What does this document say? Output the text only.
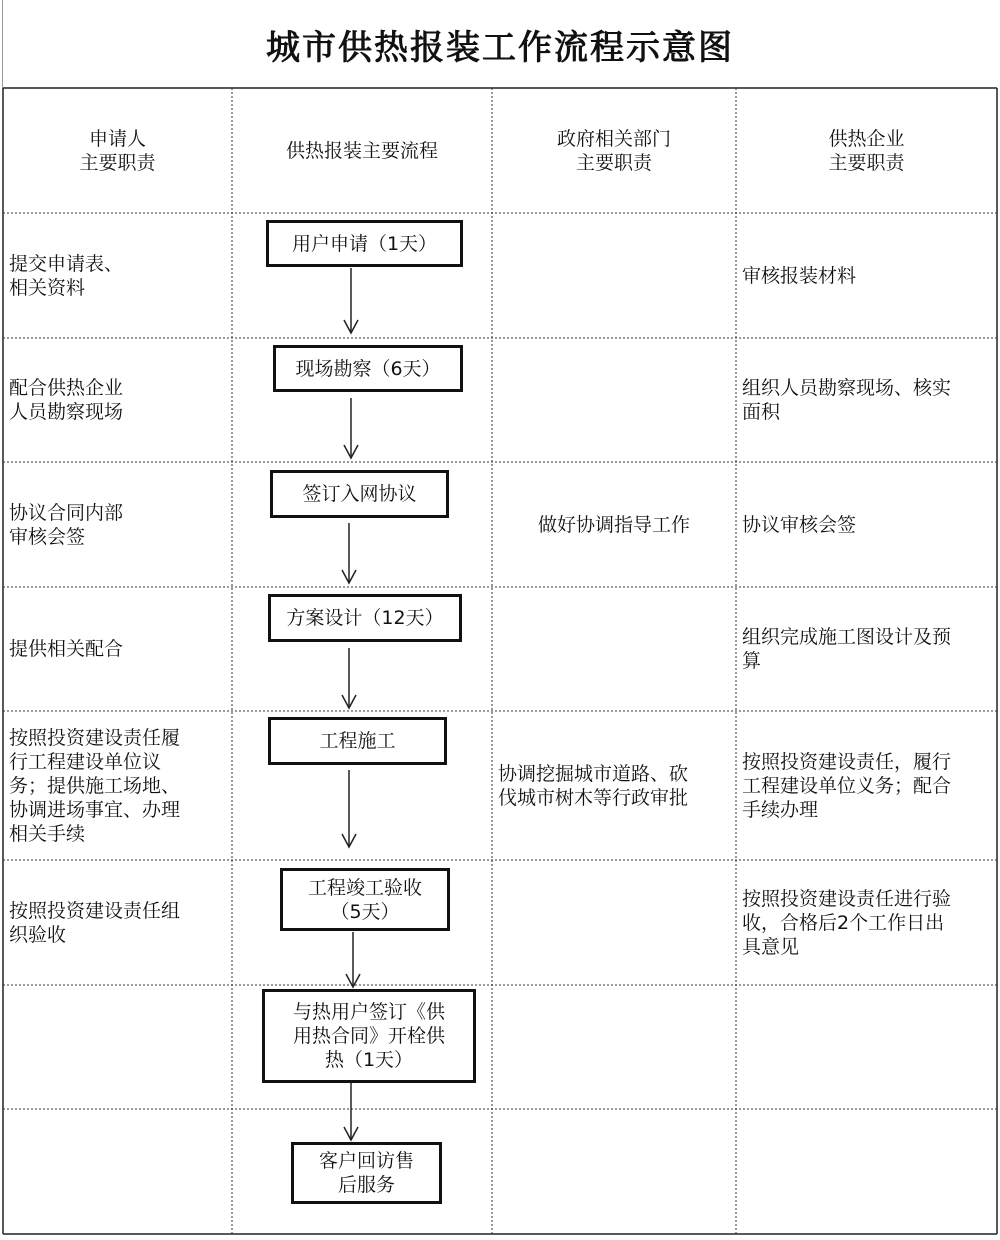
城市供热报装工作流程示意图
申请人
主要职责
供热报装主要流程
政府相关部门
主要职责
供热企业
主要职责
提交申请表、
相关资料
用户申请（1天）
审核报装材料
配合供热企业
人员勘察现场
现场勘察（6天）
组织人员勘察现场、核实
面积
协议合同内部
审核会签
签订入网协议
做好协调指导工作	协议审核会签
提供相关配合
方案设计（12天）
组织完成施工图设计及预
算
按照投资建设责任履
行工程建设单位议
务；提供施工场地、
协调进场事宜、办理
相关手续
工程施工
协调挖掘城市道路、砍
伐城市树木等行政审批
按照投资建设责任，履行
工程建设单位义务；配合
手续办理
按照投资建设责任组
织验收
工程竣工验收
（5天）
按照投资建设责任进行验
收，合格后2个工作日出
具意见
与热用户签订《供
用热合同》开栓供
热（1天）
客户回访售
后服务
